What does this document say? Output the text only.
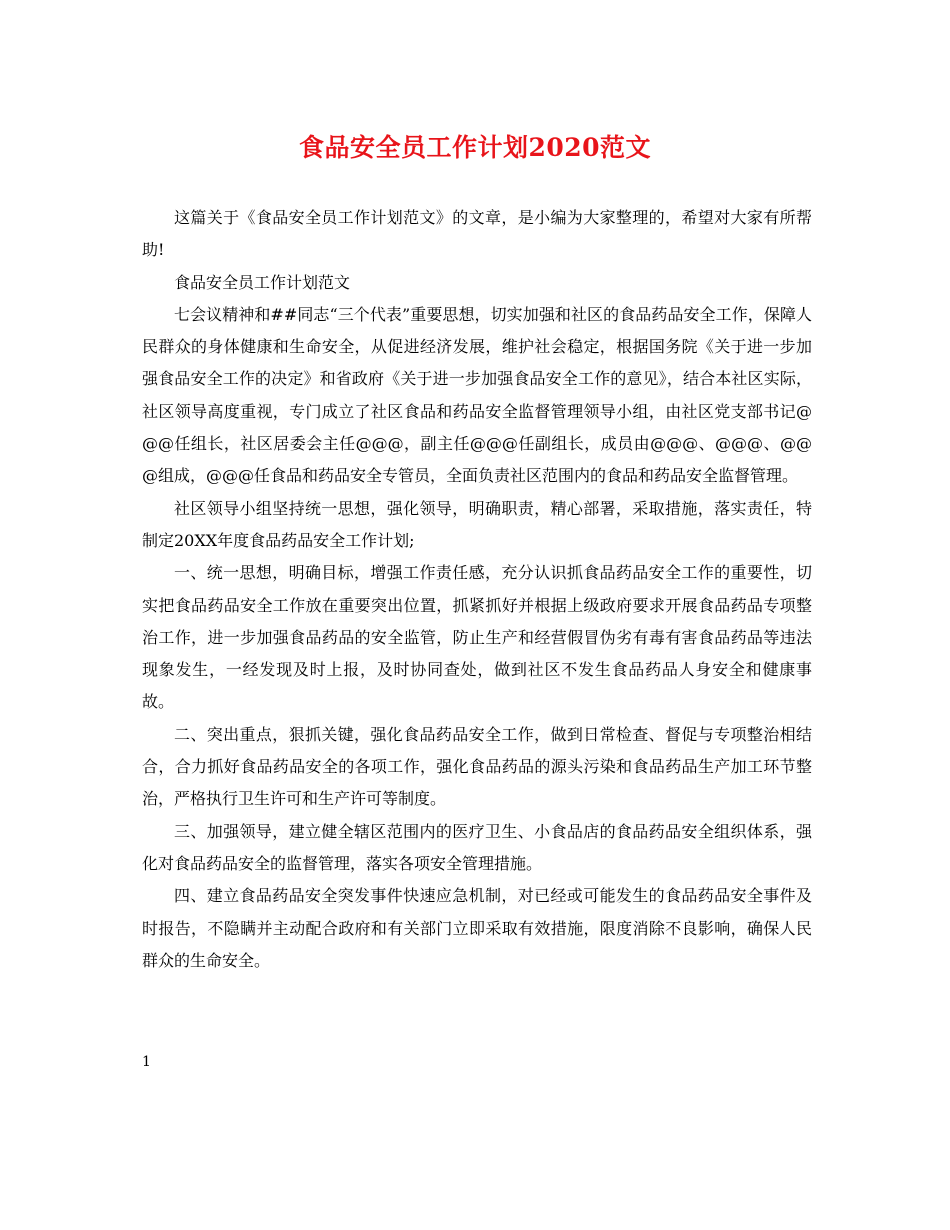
食品安全员工作计划2020范文

这篇关于《食品安全员工作计划范文》的文章，是小编为大家整理的，希望对大家有所帮助!

食品安全员工作计划范文

七会议精神和##同志“三个代表”重要思想，切实加强和社区的食品药品安全工作，保障人民群众的身体健康和生命安全，从促进经济发展，维护社会稳定，根据国务院《关于进一步加强食品安全工作的决定》和省政府《关于进一步加强食品安全工作的意见》，结合本社区实际，社区领导高度重视，专门成立了社区食品和药品安全监督管理领导小组，由社区党支部书记@@@任组长，社区居委会主任@@@，副主任@@@任副组长，成员由@@@、@@@、@@@组成，@@@任食品和药品安全专管员，全面负责社区范围内的食品和药品安全监督管理。

社区领导小组坚持统一思想，强化领导，明确职责，精心部署，采取措施，落实责任，特制定20XX年度食品药品安全工作计划;

一、统一思想，明确目标，增强工作责任感，充分认识抓食品药品安全工作的重要性，切实把食品药品安全工作放在重要突出位置，抓紧抓好并根据上级政府要求开展食品药品专项整治工作，进一步加强食品药品的安全监管，防止生产和经营假冒伪劣有毒有害食品药品等违法现象发生，一经发现及时上报，及时协同查处，做到社区不发生食品药品人身安全和健康事故。

二、突出重点，狠抓关键，强化食品药品安全工作，做到日常检查、督促与专项整治相结合，合力抓好食品药品安全的各项工作，强化食品药品的源头污染和食品药品生产加工环节整治，严格执行卫生许可和生产许可等制度。

三、加强领导，建立健全辖区范围内的医疗卫生、小食品店的食品药品安全组织体系，强化对食品药品安全的监督管理，落实各项安全管理措施。

四、建立食品药品安全突发事件快速应急机制，对已经或可能发生的食品药品安全事件及时报告，不隐瞒并主动配合政府和有关部门立即采取有效措施，限度消除不良影响，确保人民群众的生命安全。

1
